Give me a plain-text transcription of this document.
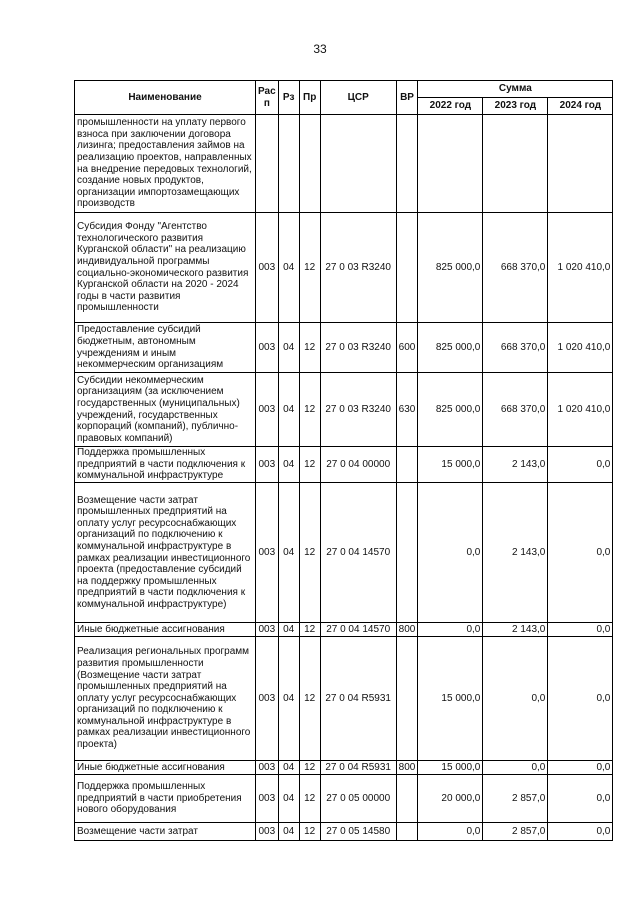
33
Наименование	Рас п	Рз	Пр	ЦСР	ВР	Сумма		
						2022 год	2023 год	2024 год
промышленности на уплату первого взноса при заключении договора лизинга; предоставления займов на реализацию проектов, направленных на внедрение передовых технологий, создание новых продуктов, организации импортозамещающих производств								
Субсидия Фонду "Агентство технологического развития Курганской области" на реализацию индивидуальной программы социально-экономического развития Курганской области на 2020 - 2024 годы в части развития промышленности	003	04	12	27 0 03 R3240		825 000,0	668 370,0	1 020 410,0
Предоставление субсидий бюджетным, автономным учреждениям и иным некоммерческим организациям	003	04	12	27 0 03 R3240	600	825 000,0	668 370,0	1 020 410,0
Субсидии некоммерческим организациям (за исключением государственных (муниципальных) учреждений, государственных корпораций (компаний), публично-правовых компаний)	003	04	12	27 0 03 R3240	630	825 000,0	668 370,0	1 020 410,0
Поддержка промышленных предприятий в части подключения к коммунальной инфраструктуре	003	04	12	27 0 04 00000		15 000,0	2 143,0	0,0
Возмещение части затрат промышленных предприятий на оплату услуг ресурсоснабжающих организаций по подключению к коммунальной инфраструктуре в рамках реализации инвестиционного проекта (предоставление субсидий на поддержку промышленных предприятий в части подключения к коммунальной инфраструктуре)	003	04	12	27 0 04 14570		0,0	2 143,0	0,0
Иные бюджетные ассигнования	003	04	12	27 0 04 14570	800	0,0	2 143,0	0,0
Реализация региональных программ развития промышленности (Возмещение части затрат промышленных предприятий на оплату услуг ресурсоснабжающих организаций по подключению к коммунальной инфраструктуре в рамках реализации инвестиционного проекта)	003	04	12	27 0 04 R5931		15 000,0	0,0	0,0
Иные бюджетные ассигнования	003	04	12	27 0 04 R5931	800	15 000,0	0,0	0,0
Поддержка промышленных предприятий в части приобретения нового оборудования	003	04	12	27 0 05 00000		20 000,0	2 857,0	0,0
Возмещение части затрат	003	04	12	27 0 05 14580		0,0	2 857,0	0,0
